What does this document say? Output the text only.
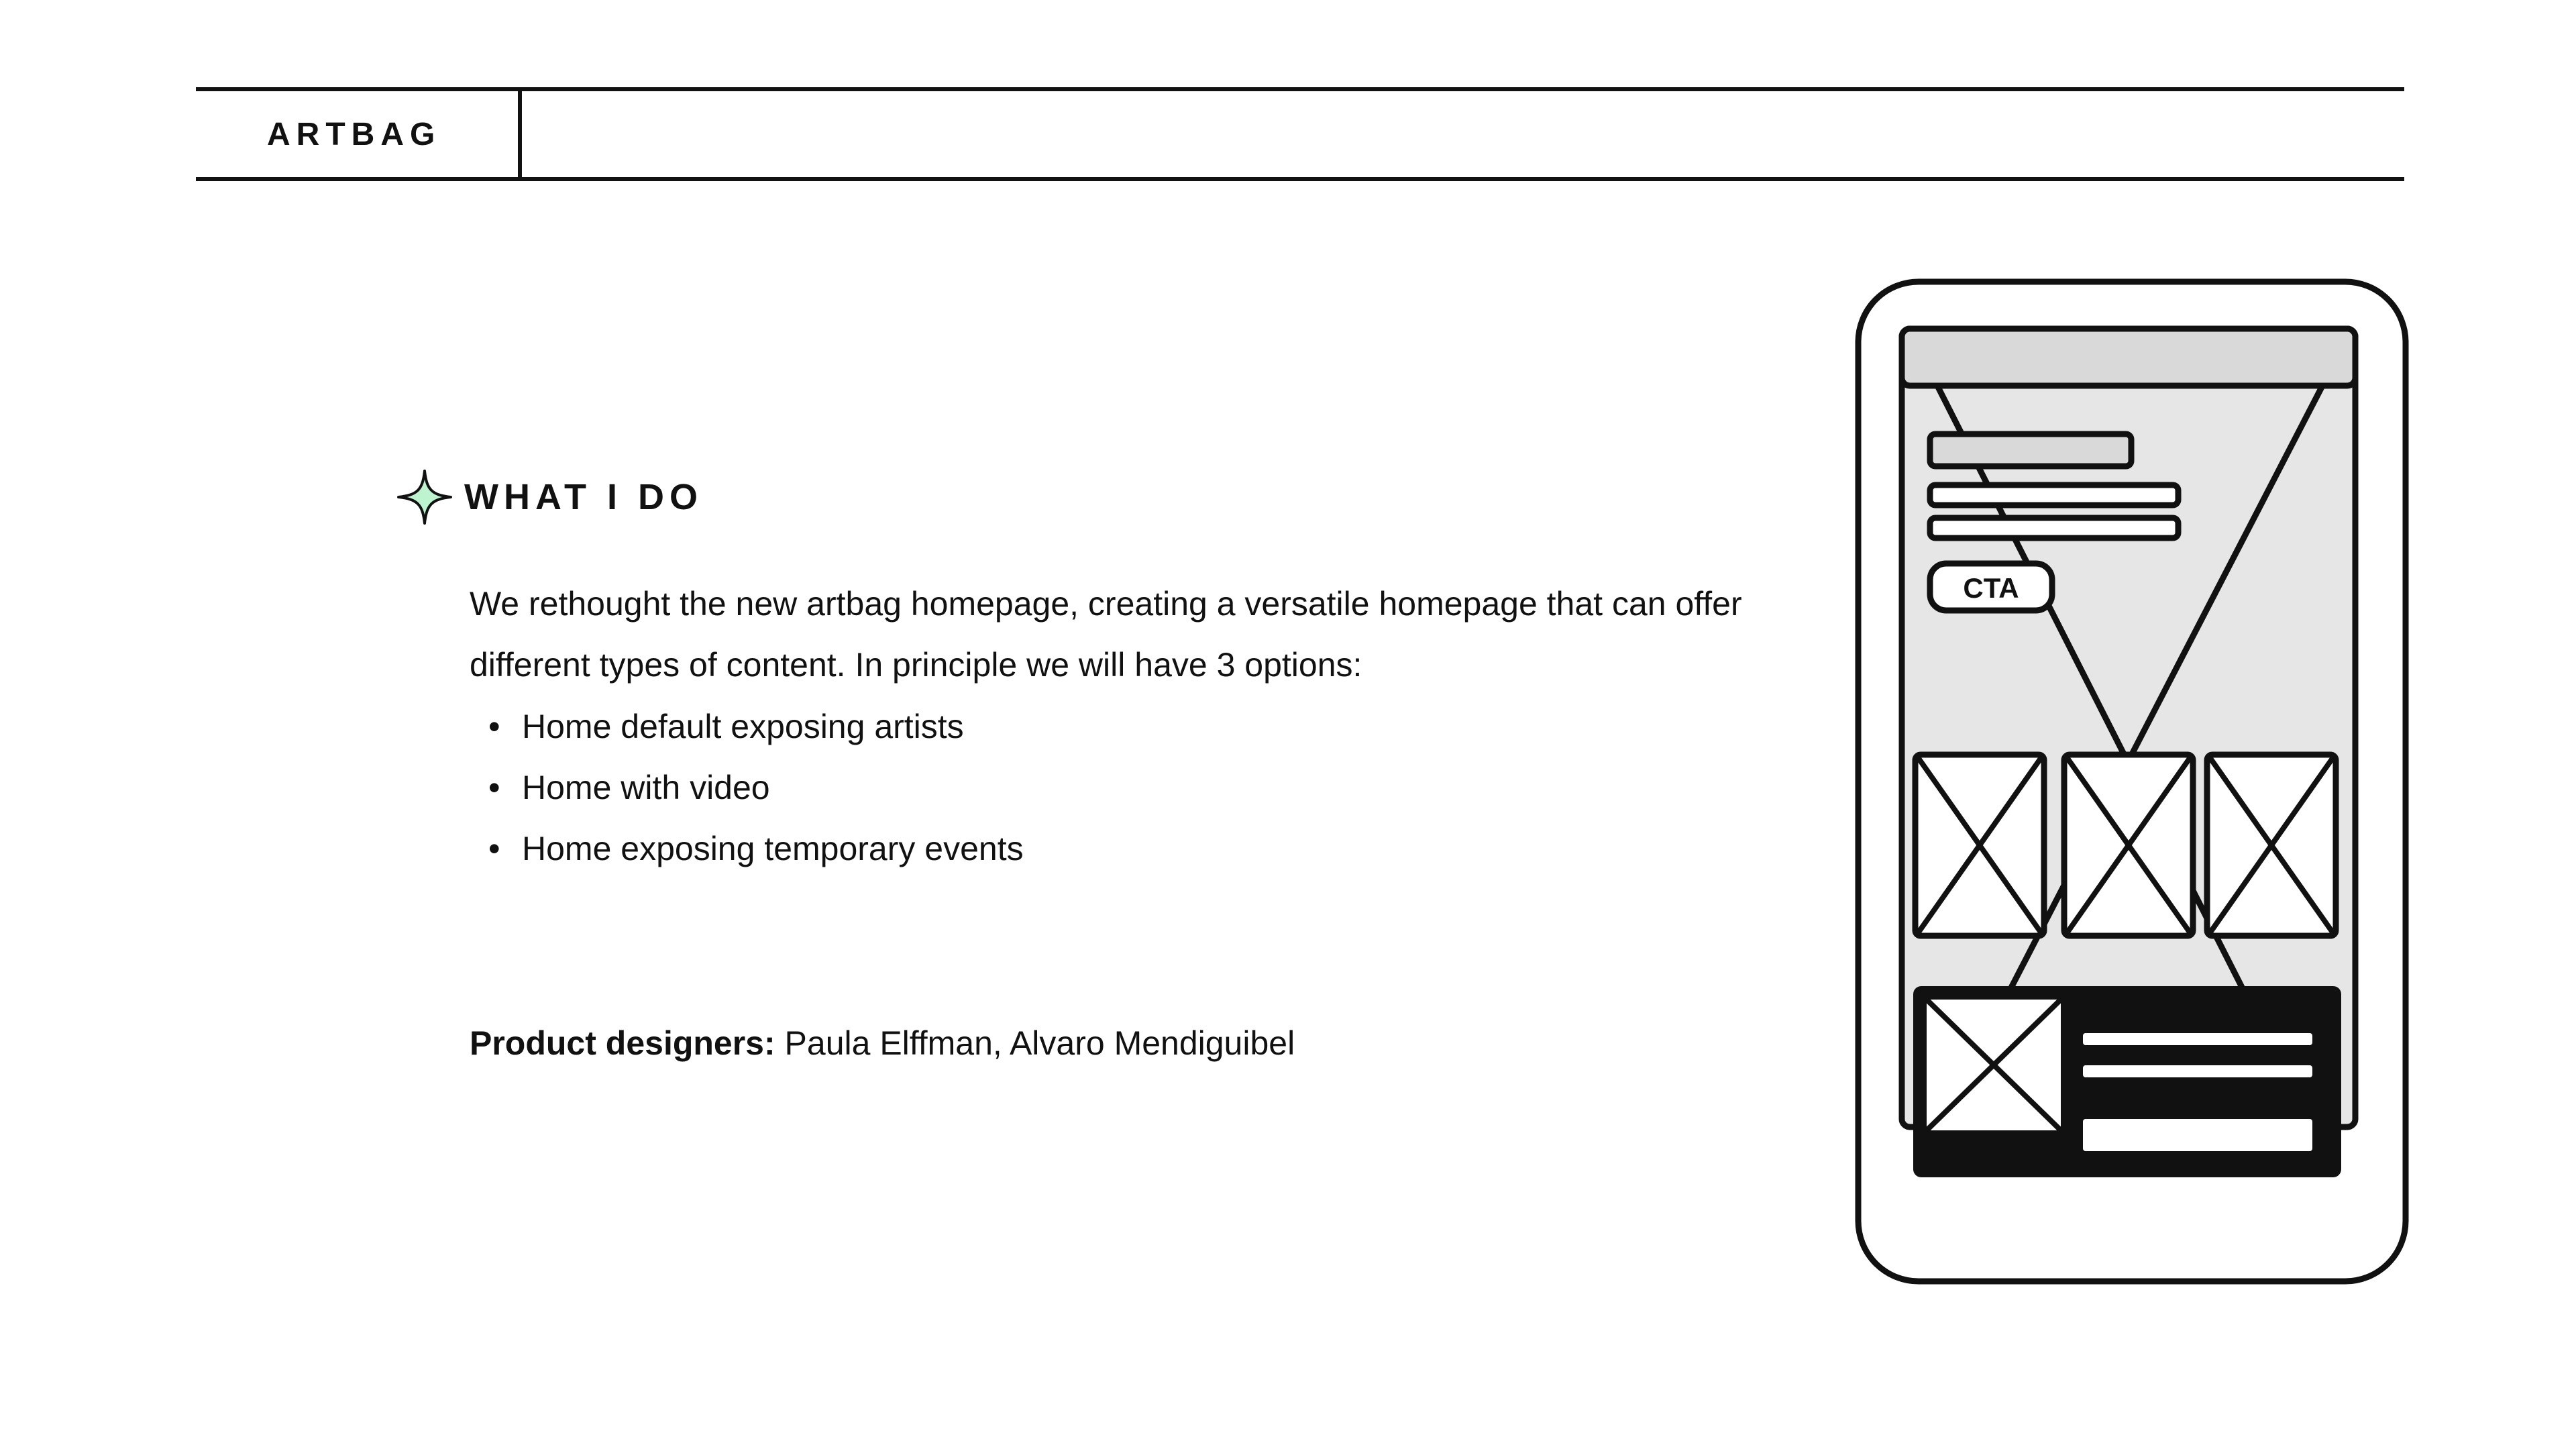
ARTBAG
WHAT I DO

We rethought the new artbag homepage, creating a versatile homepage that can offer different types of content. In principle we will have 3 options:

• Home default exposing artists
• Home with video
• Home exposing temporary events
Product designers: Paula Elffman, Alvaro Mendiguibel
CTA
